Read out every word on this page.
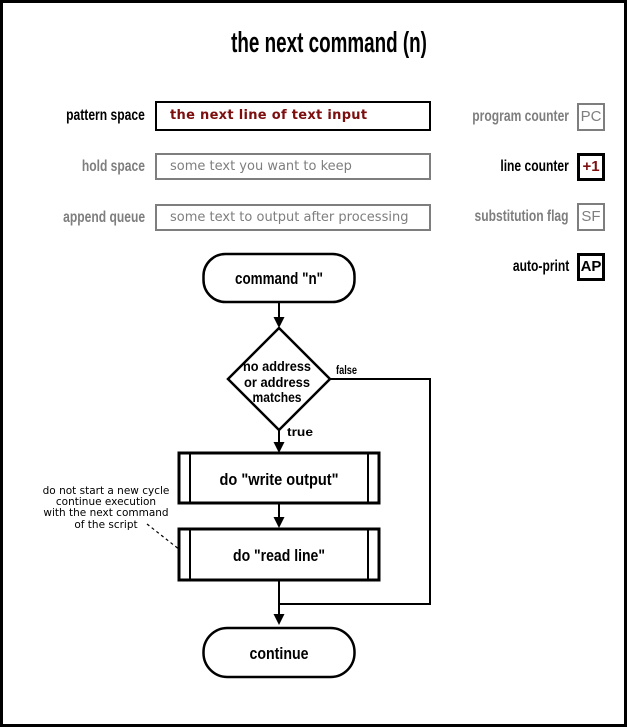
the next command (n)
pattern space	the next line of text input
hold space	some text you want to keep
append queue	some text to output after processing
program counter PC
line counter +1
substitution flag SF
auto-print AP
do not start a new cycle
continue execution
with the next command
of the script
command "n"
no address
or address
matches
false
true
do "write output"
do "read line"
continue
